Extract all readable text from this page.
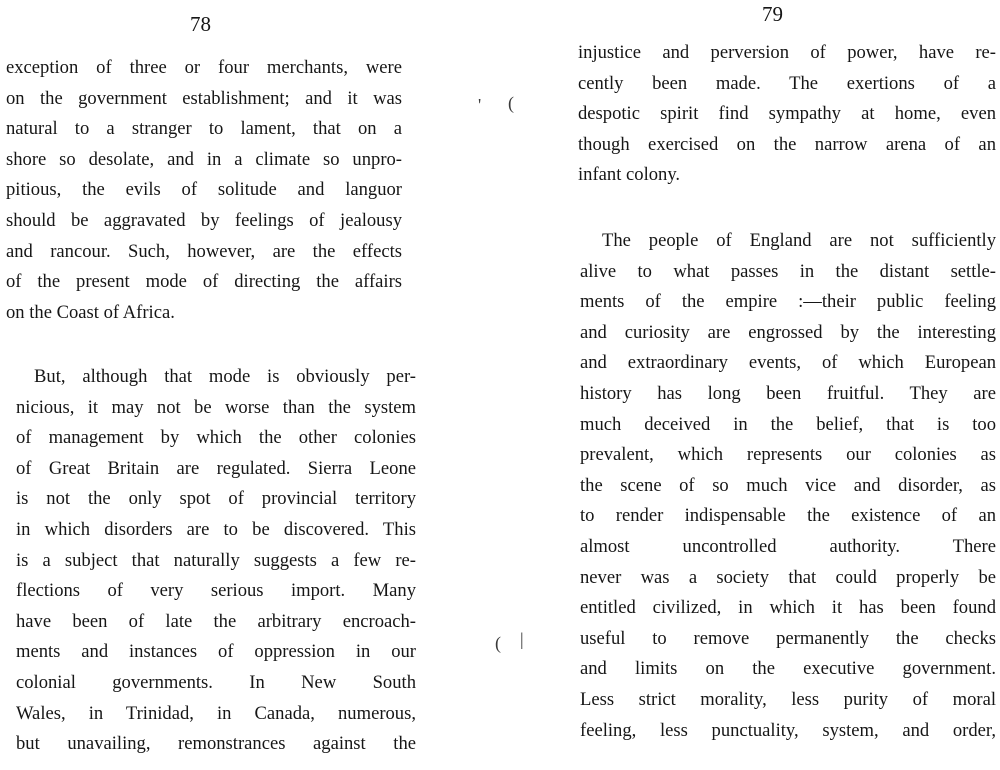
78

exception of three or four merchants, were
on the government establishment; and it was
natural to a stranger to lament, that on a
shore so desolate, and in a climate so unpro-
pitious, the evils of solitude and languor
should be aggravated by feelings of jealousy
and rancour. Such, however, are the effects
of the present mode of directing the affairs
on the Coast of Africa.

But, although that mode is obviously per-
nicious, it may not be worse than the system
of management by which the other colonies
of Great Britain are regulated. Sierra Leone
is not the only spot of provincial territory
in which disorders are to be discovered. This
is a subject that naturally suggests a few re-
flections of very serious import. Many
have been of late the arbitrary encroach-
ments and instances of oppression in our
colonial governments. In New South
Wales, in Trinidad, in Canada, numerous,
but unavailing, remonstrances against the

79

injustice and perversion of power, have re-
cently been made. The exertions of a
despotic spirit find sympathy at home, even
though exercised on the narrow arena of an
infant colony.

The people of England are not sufficiently
alive to what passes in the distant settle-
ments of the empire :—their public feeling
and curiosity are engrossed by the interesting
and extraordinary events, of which European
history has long been fruitful. They are
much deceived in the belief, that is too
prevalent, which represents our colonies as
the scene of so much vice and disorder, as
to render indispensable the existence of an
almost uncontrolled authority. There
never was a society that could properly be
entitled civilized, in which it has been found
useful to remove permanently the checks
and limits on the executive government.
Less strict morality, less purity of moral
feeling, less punctuality, system, and order,

' (
( |
